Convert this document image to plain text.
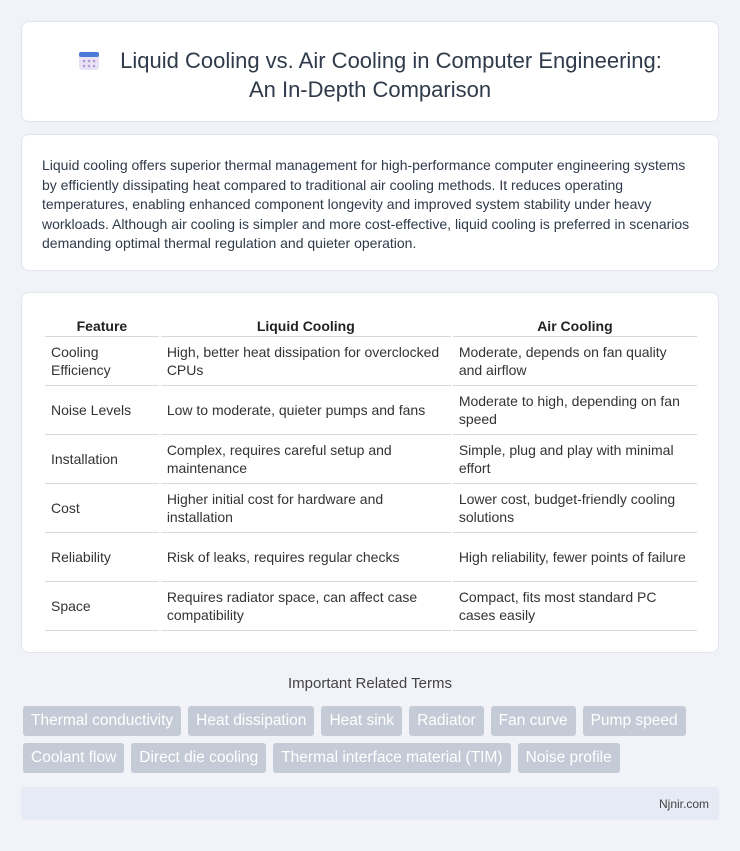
Liquid Cooling vs. Air Cooling in Computer Engineering:
An In-Depth Comparison

Liquid cooling offers superior thermal management for high-performance computer engineering systems by efficiently dissipating heat compared to traditional air cooling methods. It reduces operating temperatures, enabling enhanced component longevity and improved system stability under heavy workloads. Although air cooling is simpler and more cost-effective, liquid cooling is preferred in scenarios demanding optimal thermal regulation and quieter operation.

Feature	Liquid Cooling	Air Cooling
Cooling Efficiency	High, better heat dissipation for overclocked CPUs	Moderate, depends on fan quality and airflow
Noise Levels	Low to moderate, quieter pumps and fans	Moderate to high, depending on fan speed
Installation	Complex, requires careful setup and maintenance	Simple, plug and play with minimal effort
Cost	Higher initial cost for hardware and installation	Lower cost, budget-friendly cooling solutions
Reliability	Risk of leaks, requires regular checks	High reliability, fewer points of failure
Space	Requires radiator space, can affect case compatibility	Compact, fits most standard PC cases easily
Important Related Terms
Thermal conductivity	Heat dissipation	Heat sink	Radiator	Fan curve	Pump speed
Coolant flow	Direct die cooling	Thermal interface material (TIM)	Noise profile
Njnir.com
